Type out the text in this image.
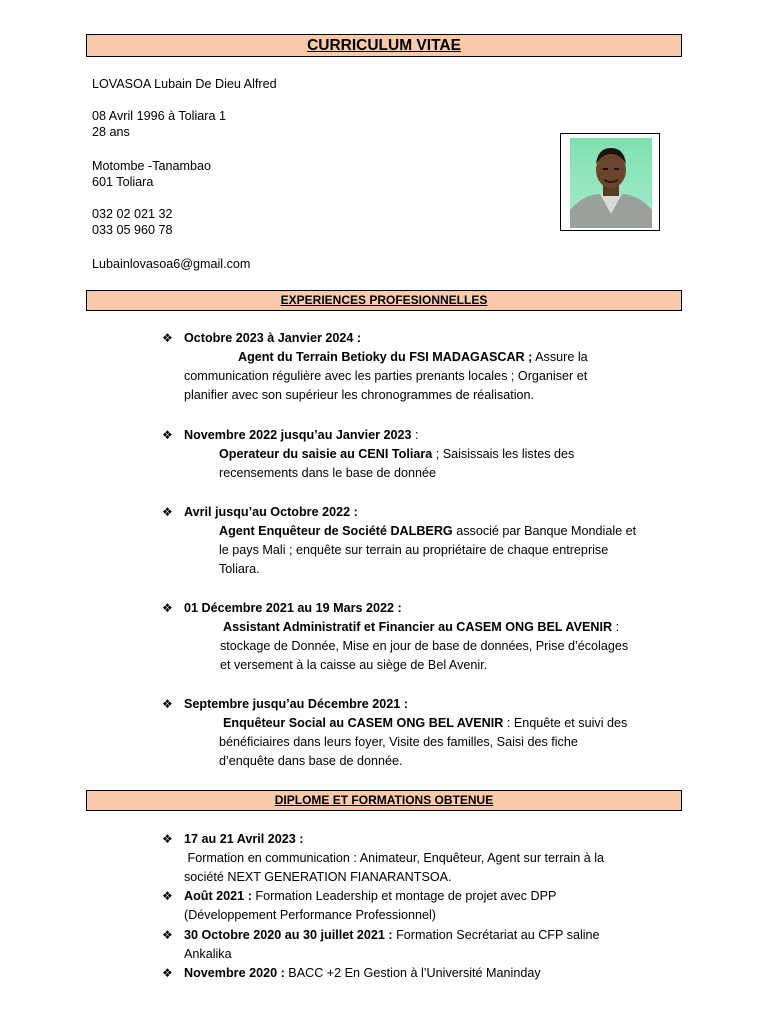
CURRICULUM VITAE
LOVASOA Lubain De Dieu Alfred
08 Avril 1996 à Toliara 1
28 ans
Motombe -Tanambao
601 Toliara
032 02 021 32
033 05 960 78
Lubainlovasoa6@gmail.com
EXPERIENCES PROFESIONNELLES
❖ Octobre 2023 à Janvier 2024 :

Agent du Terrain Betioky du FSI MADAGASCAR ; Assure la

communication régulière avec les parties prenants locales ; Organiser et

planifier avec son supérieur les chronogrammes de réalisation.

❖ Novembre 2022 jusqu’au Janvier 2023 :

Operateur du saisie au CENI Toliara ; Saisissais les listes des

recensements dans le base de donnée

❖ Avril jusqu’au Octobre 2022 :

Agent Enquêteur de Société DALBERG associé par Banque Mondiale et

le pays Mali ; enquête sur terrain au propriétaire de chaque entreprise

Toliara.

❖ 01 Décembre 2021 au 19 Mars 2022 :

Assistant Administratif et Financier au CASEM ONG BEL AVENIR :

stockage de Donnée, Mise en jour de base de données, Prise d’écolages

et versement à la caisse au siège de Bel Avenir.

❖ Septembre jusqu’au Décembre 2021 :

Enquêteur Social au CASEM ONG BEL AVENIR : Enquête et suivi des

bénéficiaires dans leurs foyer, Visite des familles, Saisi des fiche

d’enquête dans base de donnée.

DIPLOME ET FORMATIONS OBTENUE
❖ 17 au 21 Avril 2023 :

Formation en communication : Animateur, Enquêteur, Agent sur terrain à la

société NEXT GENERATION FIANARANTSOA.

❖ Août 2021 : Formation Leadership et montage de projet avec DPP

(Développement Performance Professionnel)

❖ 30 Octobre 2020 au 30 juillet 2021 : Formation Secrétariat au CFP saline

Ankalika

❖ Novembre 2020 : BACC +2 En Gestion à l’Université Maninday
